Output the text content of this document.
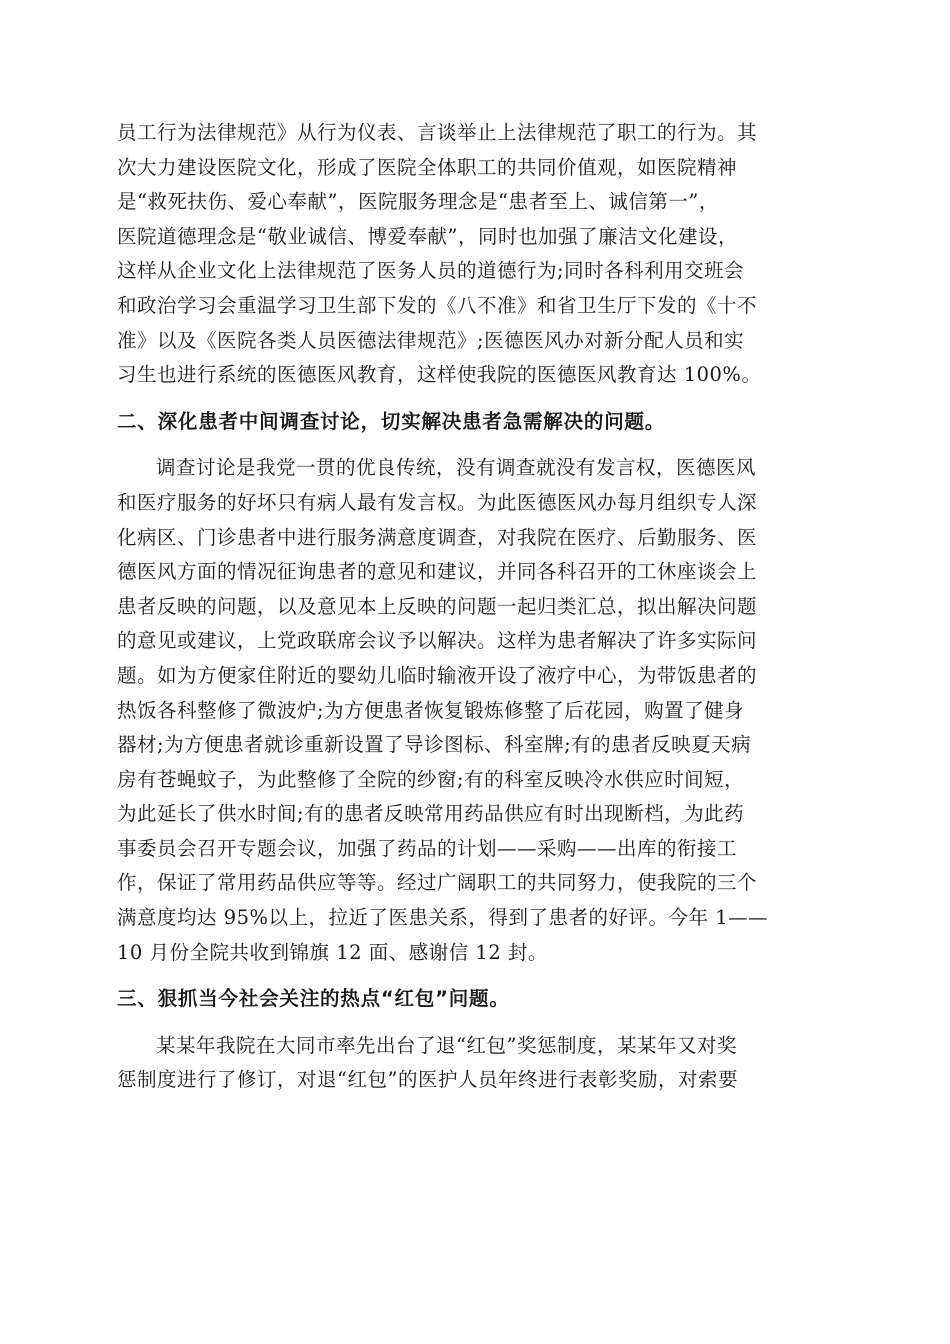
员工行为法律规范》从行为仪表、言谈举止上法律规范了职工的行为。其
次大力建设医院文化，形成了医院全体职工的共同价值观，如医院精神
是“救死扶伤、爱心奉献”，医院服务理念是“患者至上、诚信第一”，
医院道德理念是“敬业诚信、博爱奉献”，同时也加强了廉洁文化建设，
这样从企业文化上法律规范了医务人员的道德行为;同时各科利用交班会
和政治学习会重温学习卫生部下发的《八不准》和省卫生厅下发的《十不
准》以及《医院各类人员医德法律规范》;医德医风办对新分配人员和实
习生也进行系统的医德医风教育，这样使我院的医德医风教育达 100%。
二、深化患者中间调查讨论，切实解决患者急需解决的问题。
调查讨论是我党一贯的优良传统，没有调查就没有发言权，医德医风
和医疗服务的好坏只有病人最有发言权。为此医德医风办每月组织专人深
化病区、门诊患者中进行服务满意度调查，对我院在医疗、后勤服务、医
德医风方面的情况征询患者的意见和建议，并同各科召开的工休座谈会上
患者反映的问题，以及意见本上反映的问题一起归类汇总，拟出解决问题
的意见或建议，上党政联席会议予以解决。这样为患者解决了许多实际问
题。如为方便家住附近的婴幼儿临时输液开设了液疗中心，为带饭患者的
热饭各科整修了微波炉;为方便患者恢复锻炼修整了后花园，购置了健身
器材;为方便患者就诊重新设置了导诊图标、科室牌;有的患者反映夏天病
房有苍蝇蚊子，为此整修了全院的纱窗;有的科室反映冷水供应时间短，
为此延长了供水时间;有的患者反映常用药品供应有时出现断档，为此药
事委员会召开专题会议，加强了药品的计划——采购——出库的衔接工
作，保证了常用药品供应等等。经过广阔职工的共同努力，使我院的三个
满意度均达 95%以上，拉近了医患关系，得到了患者的好评。今年 1——
10 月份全院共收到锦旗 12 面、感谢信 12 封。
三、狠抓当今社会关注的热点“红包”问题。
某某年我院在大同市率先出台了退“红包”奖惩制度，某某年又对奖
惩制度进行了修订，对退“红包”的医护人员年终进行表彰奖励，对索要
